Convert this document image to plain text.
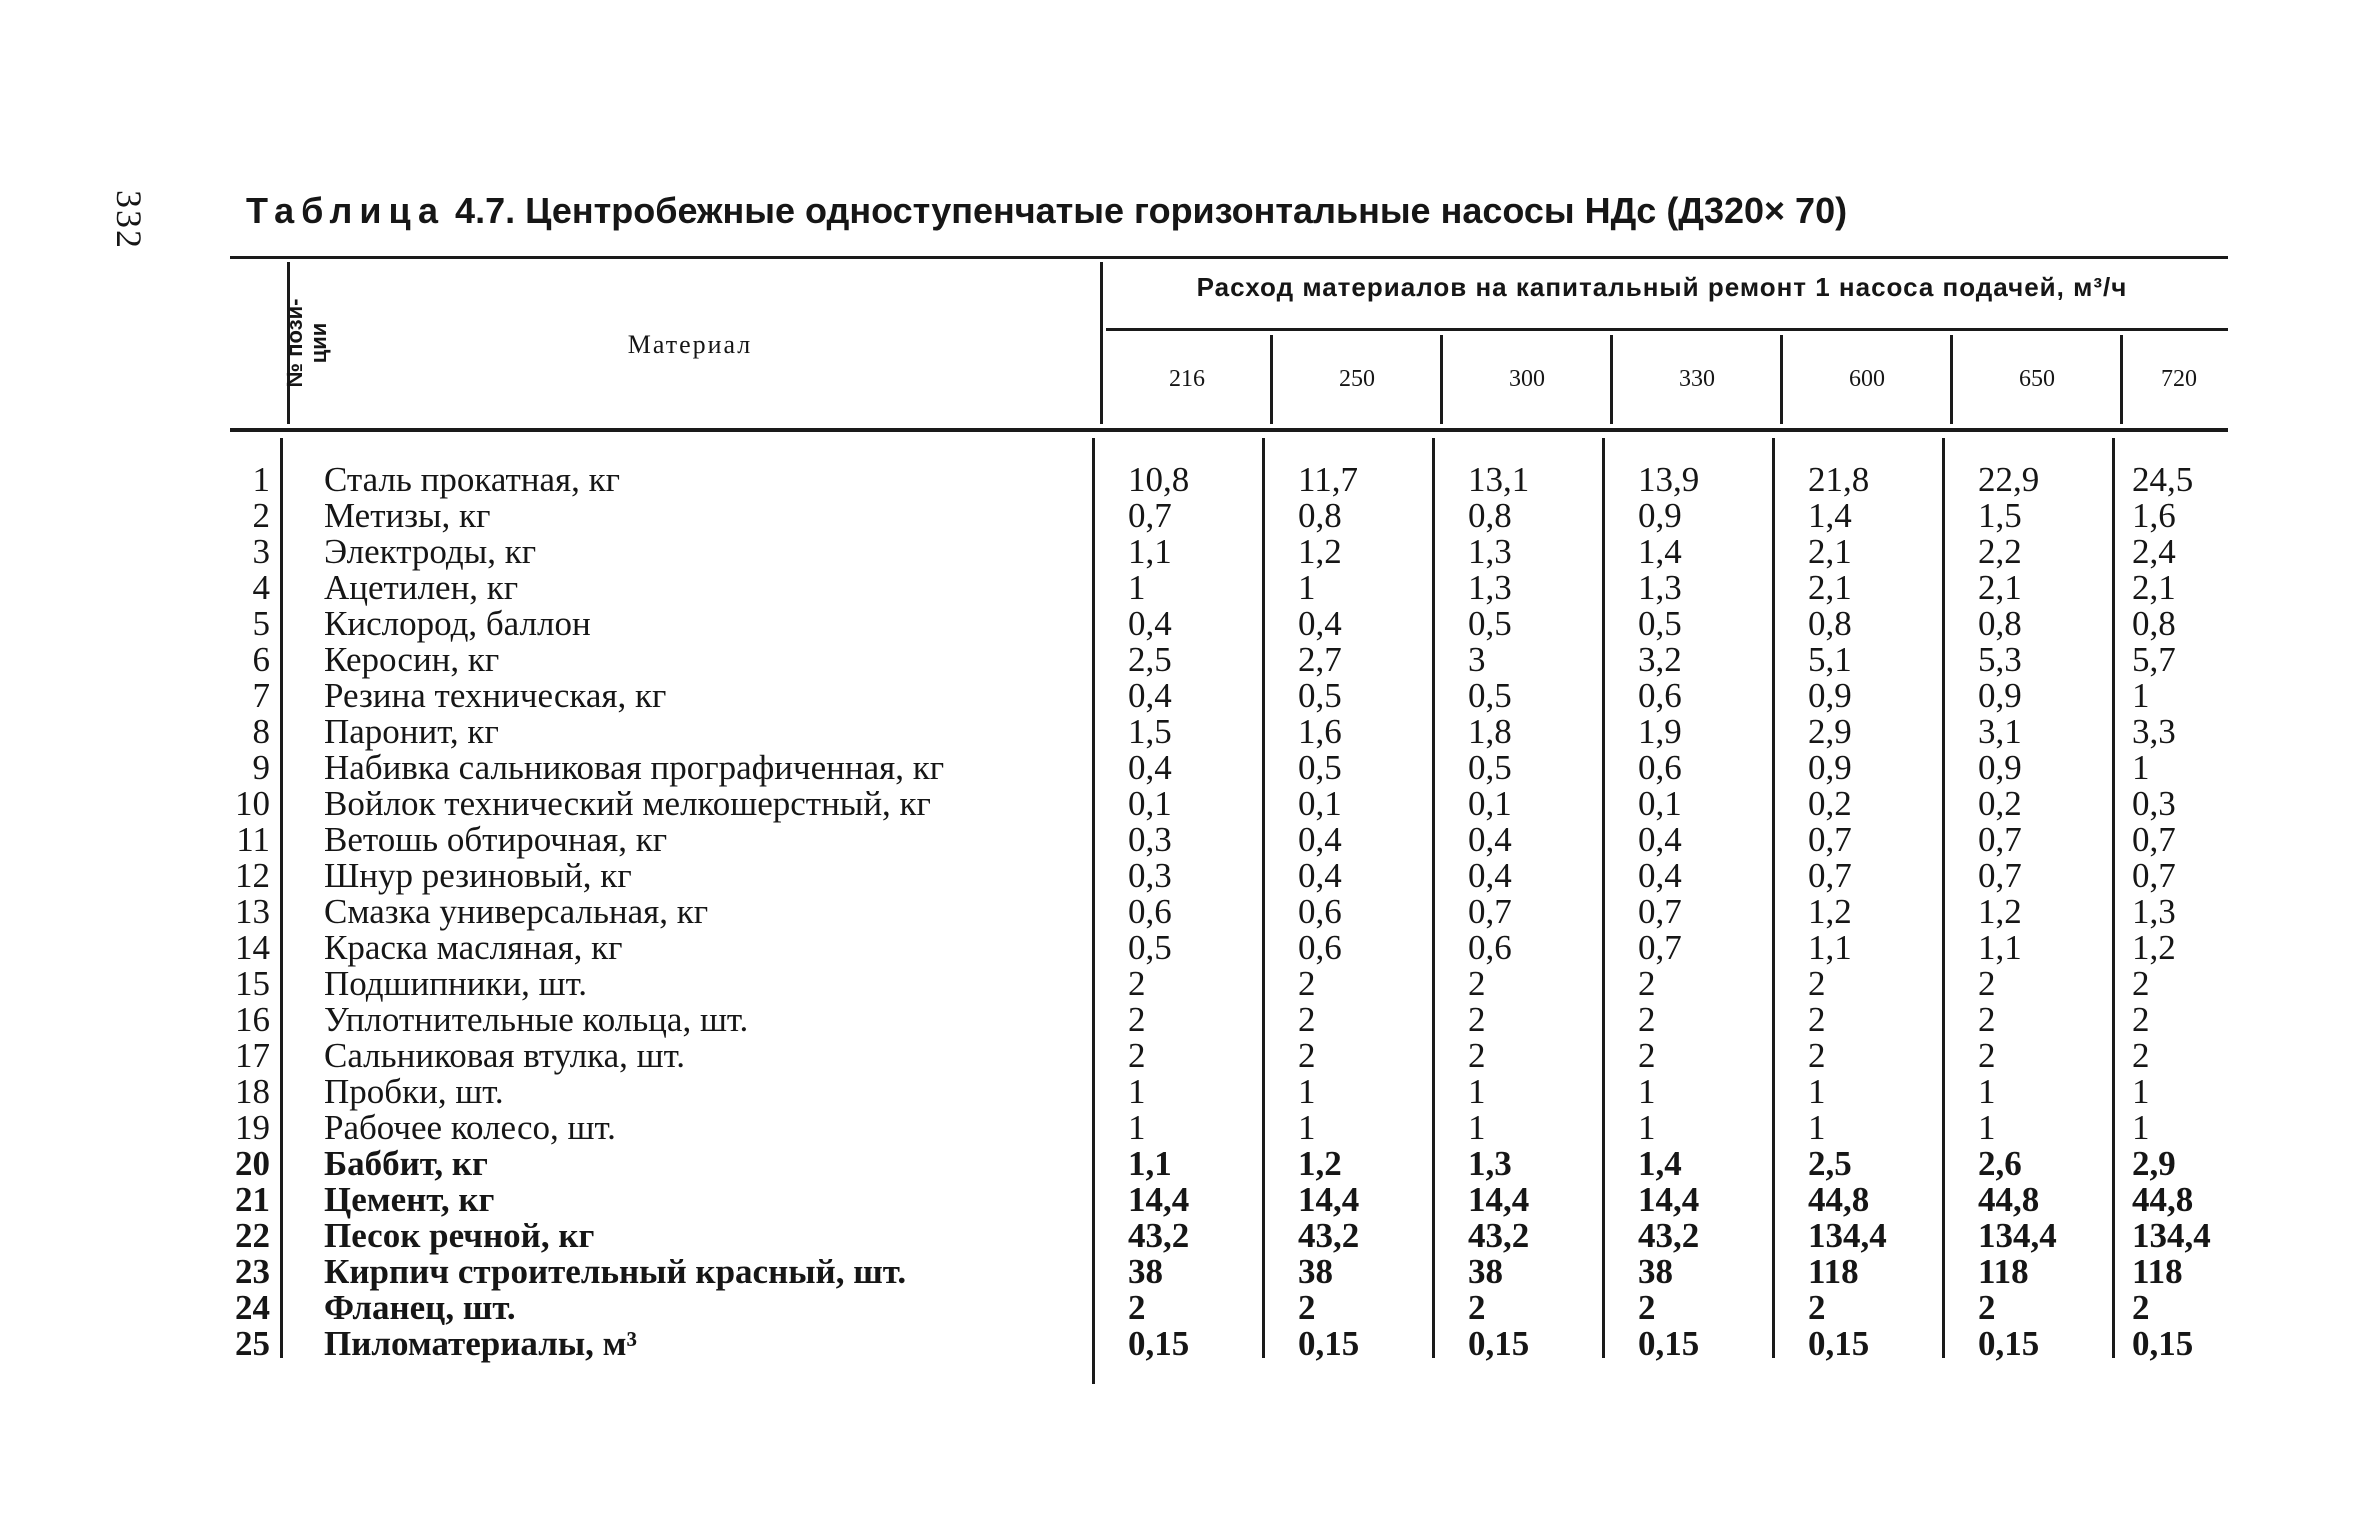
332	Таблица 4.7. Центробежные одноступенчатые горизонтальные насосы НДс (Д320× 70)
№ пози-
ции	Материал
Расход материалов на капитальный ремонт 1 насоса подачей, м³/ч
216	250	300	330	600	650	720
1 Сталь прокатная, кг	10,8	11,7	13,1	13,9	21,8	22,9	24,5
2 Метизы, кг	0,7	0,8	0,8	0,9	1,4	1,5	1,6
3 Электроды, кг	1,1	1,2	1,3	1,4	2,1	2,2	2,4
4 Ацетилен, кг	1	1	1,3	1,3	2,1	2,1	2,1
5 Кислород, баллон	0,4	0,4	0,5	0,5	0,8	0,8	0,8
6 Керосин, кг	2,5	2,7	3	3,2	5,1	5,3	5,7
7 Резина техническая, кг	0,4	0,5	0,5	0,6	0,9	0,9	1
8 Паронит, кг	1,5	1,6	1,8	1,9	2,9	3,1	3,3
9 Набивка сальниковая прографиченная, кг	0,4	0,5	0,5	0,6	0,9	0,9	1
10 Войлок технический мелкошерстный, кг	0,1	0,1	0,1	0,1	0,2	0,2	0,3
11 Ветошь обтирочная, кг	0,3	0,4	0,4	0,4	0,7	0,7	0,7
12 Шнур резиновый, кг	0,3	0,4	0,4	0,4	0,7	0,7	0,7
13 Смазка универсальная, кг	0,6	0,6	0,7	0,7	1,2	1,2	1,3
14 Краска масляная, кг	0,5	0,6	0,6	0,7	1,1	1,1	1,2
15 Подшипники, шт.	2	2	2	2	2	2	2
16 Уплотнительные кольца, шт.	2	2	2	2	2	2	2
17 Сальниковая втулка, шт.	2	2	2	2	2	2	2
18 Пробки, шт.	1	1	1	1	1	1	1
19 Рабочее колесо, шт.	1	1	1	1	1	1	1
20 Баббит, кг	1,1	1,2	1,3	1,4	2,5	2,6	2,9
21 Цемент, кг	14,4	14,4	14,4	14,4	44,8	44,8	44,8
22 Песок речной, кг	43,2	43,2	43,2	43,2	134,4	134,4 134,4
23 Кирпич строительный красный, шт.	38	38	38	38	118	118	118
24 Фланец, шт.	2	2	2	2	2	2	2
25 Пиломатериалы, м³	0,15	0,15	0,15	0,15	0,15	0,15	0,15
